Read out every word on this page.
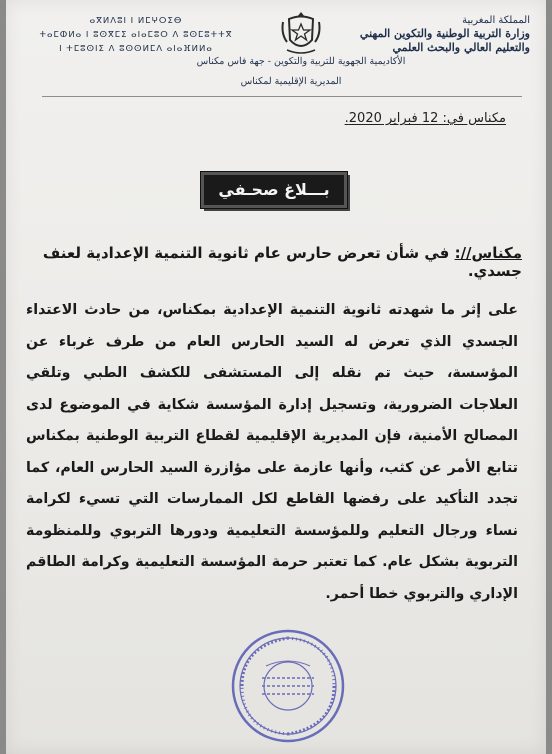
المملكة المغربية
وزارة التربية الوطنية والتكوين المهني
والتعليم العالي والبحث العلمي
ⴰⴳⵍⴷⵓⵏ ⵏ ⵍⵎⵖⵔⵉⴱ
ⵜⴰⵎⵀⵍⴰ ⵏ ⵓⵙⴳⵎⵉ ⴰⵏⴰⵎⵓⵔ ⴷ ⵓⵙⵎⵓⵜⵜⴳ
ⵏ ⵜⵎⵓⵙⵏⵉ ⴷ ⵓⵙⵙⵍⵎⴷ ⴰⵏⴰⴼⵍⵍⴰ
الأكاديمية الجهوية للتربية والتكوين - جهة فاس مكناس
المديرية الإقليمية لمكناس
مكناس في: 12 فبراير 2020.
بـــلاغ صحـفي
مكناس//: في شأن تعرض حارس عام ثانوية التنمية الإعدادية لعنف جسدي.
على إثر ما شهدته ثانوية التنمية الإعدادية بمكناس، من حادث الاعتداء الجسدي الذي تعرض له السيد الحارس العام من طرف غرباء عن المؤسسة، حيث تم نقله إلى المستشفى للكشف الطبي وتلقي العلاجات الضرورية، وتسجيل إدارة المؤسسة شكاية في الموضوع لدى المصالح الأمنية، فإن المديرية الإقليمية لقطاع التربية الوطنية بمكناس تتابع الأمر عن كثب، وأنها عازمة على مؤازرة السيد الحارس العام، كما تجدد التأكيد على رفضها القاطع لكل الممارسات التي تسيء لكرامة نساء ورجال التعليم وللمؤسسة التعليمية ودورها التربوي وللمنظومة التربوية بشكل عام. كما تعتبر حرمة المؤسسة التعليمية وكرامة الطاقم الإداري والتربوي خطا أحمر.
